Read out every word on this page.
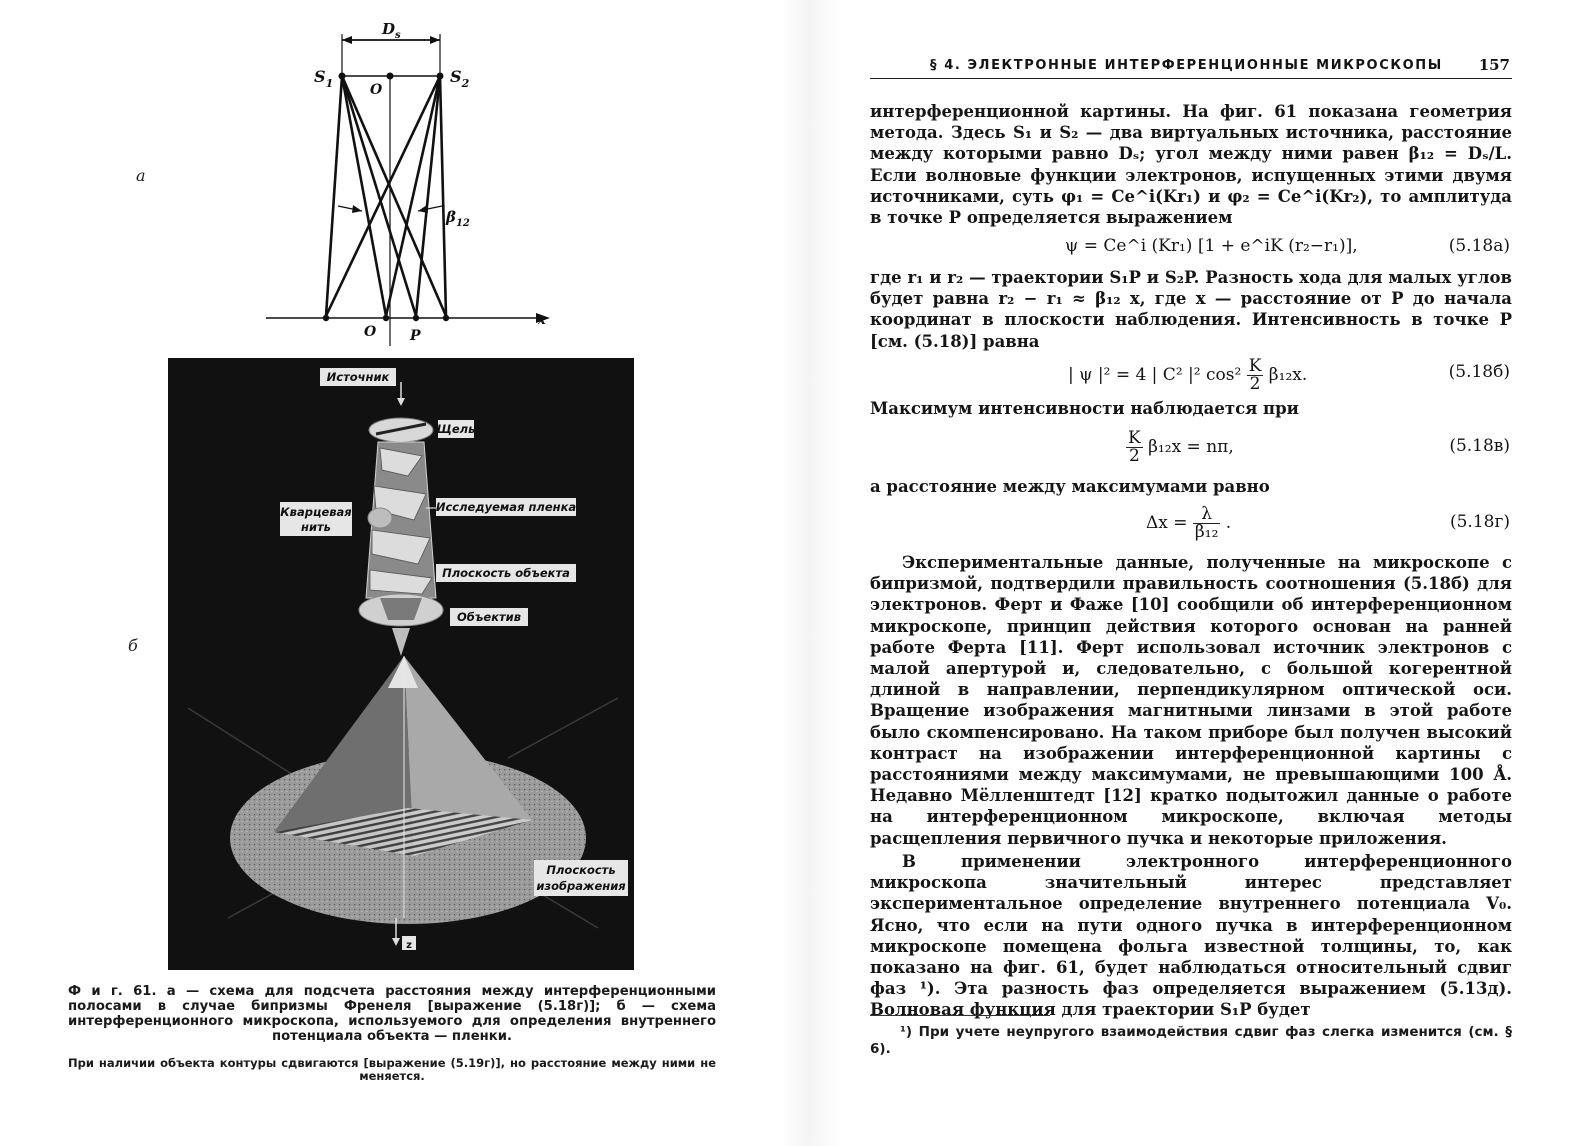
а
б
$D_s$
$S_1$	$S_2$
O
O P
x
$\beta_{12}$
Источник
Щель
Исследуемая пленка
Кварцевая
нить
Плоскость объекта
Объектив
Плоскость
изображения
z
Ф и г. 61. а — схема для подсчета расстояния между интерференционными полосами в случае бипризмы Френеля [выражение (5.18г)]; б — схема интерференционного микроскопа, используемого для определения внутреннего потенциала объекта — пленки.
При наличии объекта контуры сдвигаются [выражение (5.19г)], но расстояние между ними не меняется.
§ 4. ЭЛЕКТРОННЫЕ ИНТЕРФЕРЕНЦИОННЫЕ МИКРОСКОПЫ 157
интерференционной картины. На фиг. 61 показана геометрия метода. Здесь S₁ и S₂ — два виртуальных источника, расстояние между которыми равно Dₛ; угол между ними равен β₁₂ = Dₛ/L. Если волновые функции электронов, испущенных этими двумя источниками, суть φ₁ = Ce^i(Kr₁) и φ₂ = Ce^i(Kr₂), то амплитуда в точке P определяется выражением
ψ = Ce^i (Kr₁) [1 + e^iK (r₂−r₁)],	(5.18а)
где r₁ и r₂ — траектории S₁P и S₂P. Разность хода для малых углов будет равна r₂ − r₁ ≈ β₁₂ x, где x — расстояние от P до начала координат в плоскости наблюдения. Интенсивность в точке P [см. (5.18)] равна
| ψ |² = 4 | C² |² $\cos^2 \frac{K}{2} \beta_{12}x$.	(5.18б)
Максимум интенсивности наблюдается при
$\frac{K}{2} \beta_{12}x = n\pi$,	(5.18в)
а расстояние между максимумами равно
$\Delta x = \frac{\lambda}{\text{β₁₂}}$ .	(5.18г)
Экспериментальные данные, полученные на микроскопе с бипризмой, подтвердили правильность соотношения (5.18б) для электронов. Ферт и Фаже [10] сообщили об интерференционном микроскопе, принцип действия которого основан на ранней работе Ферта [11]. Ферт использовал источник электронов с малой апертурой и, следовательно, с большой когерентной длиной в направлении, перпендикулярном оптической оси. Вращение изображения магнитными линзами в этой работе было скомпенсировано. На таком приборе был получен высокий контраст на изображении интерференционной картины с расстояниями между максимумами, не превышающими 100 Å. Недавно Мёлленштедт [12] кратко подытожил данные о работе на интерференционном микроскопе, включая методы расщепления первичного пучка и некоторые приложения.
В применении электронного интерференционного микроскопа значительный интерес представляет экспериментальное определение внутреннего потенциала V₀. Ясно, что если на пути одного пучка в интерференционном микроскопе помещена фольга известной толщины, то, как показано на фиг. 61, будет наблюдаться относительный сдвиг фаз ¹). Эта разность фаз определяется выражением (5.13д). Волновая функция для траектории S₁P будет
¹) При учете неупругого взаимодействия сдвиг фаз слегка изменится (см. § 6).
